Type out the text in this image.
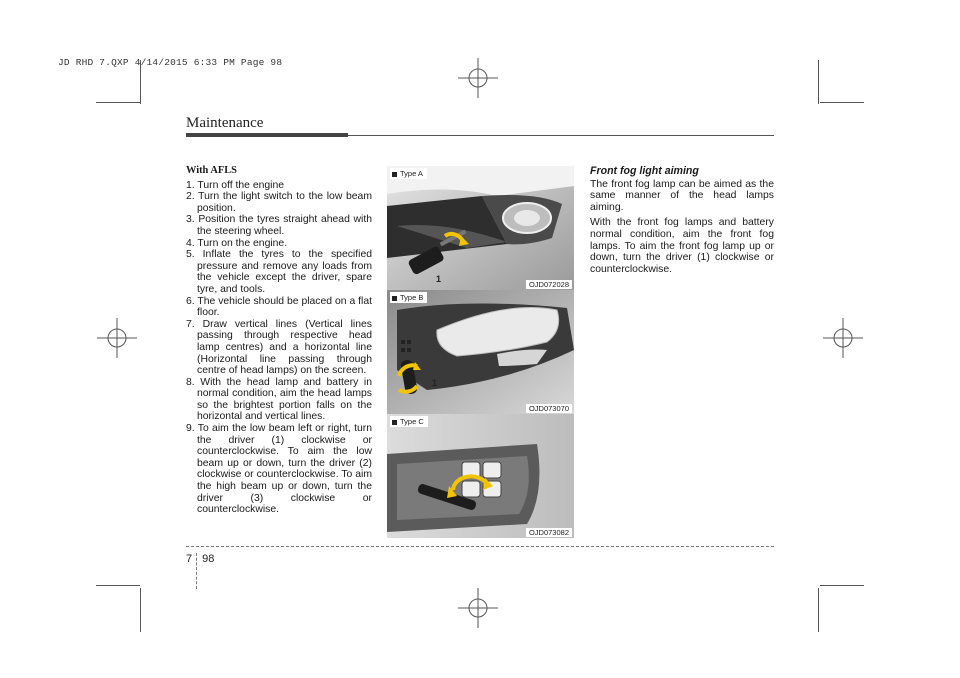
JD RHD 7.QXP 4/14/2015 6:33 PM Page 98
Maintenance
With AFLS
1. Turn off the engine
2. Turn the light switch to the low beam position.
3. Position the tyres straight ahead with the steering wheel.
4. Turn on the engine.
5. Inflate the tyres to the specified pressure and remove any loads from the vehicle except the driver, spare tyre, and tools.
6. The vehicle should be placed on a flat floor.
7. Draw vertical lines (Vertical lines passing through respective head lamp centres) and a horizontal line (Horizontal line passing through centre of head lamps) on the screen.
8. With the head lamp and battery in normal condition, aim the head lamps so the brightest portion falls on the horizontal and vertical lines.
9. To aim the low beam left or right, turn the driver (1) clockwise or counterclockwise. To aim the low beam up or down, turn the driver (2) clockwise or counterclockwise. To aim the high beam up or down, turn the driver (3) clockwise or counterclockwise.
Type A
1
OJD072028
Type B
1
OJD073070
Type C
OJD073082
Front fog light aiming

The front fog lamp can be aimed as the same manner of the head lamps aiming.

With the front fog lamps and battery normal condition, aim the front fog lamps. To aim the front fog lamp up or down, turn the driver (1) clockwise or counterclockwise.

7 98
